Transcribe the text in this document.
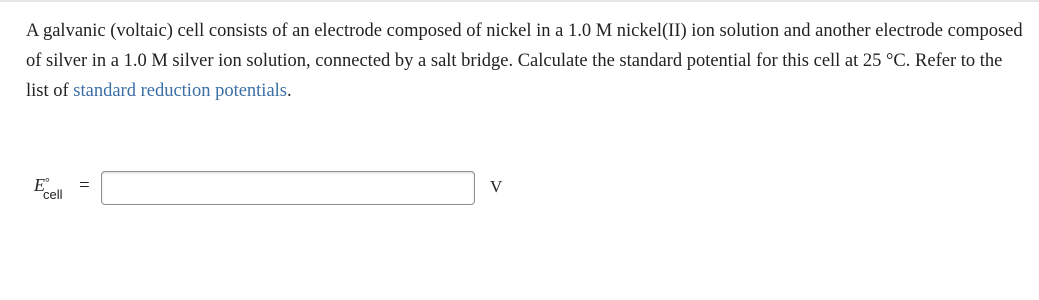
A galvanic (voltaic) cell consists of an electrode composed of nickel in a 1.0 M nickel(II) ion solution and another electrode composed of silver in a 1.0 M silver ion solution, connected by a salt bridge. Calculate the standard potential for this cell at 25 °C. Refer to the list of standard reduction potentials.

E °
cell =	V
